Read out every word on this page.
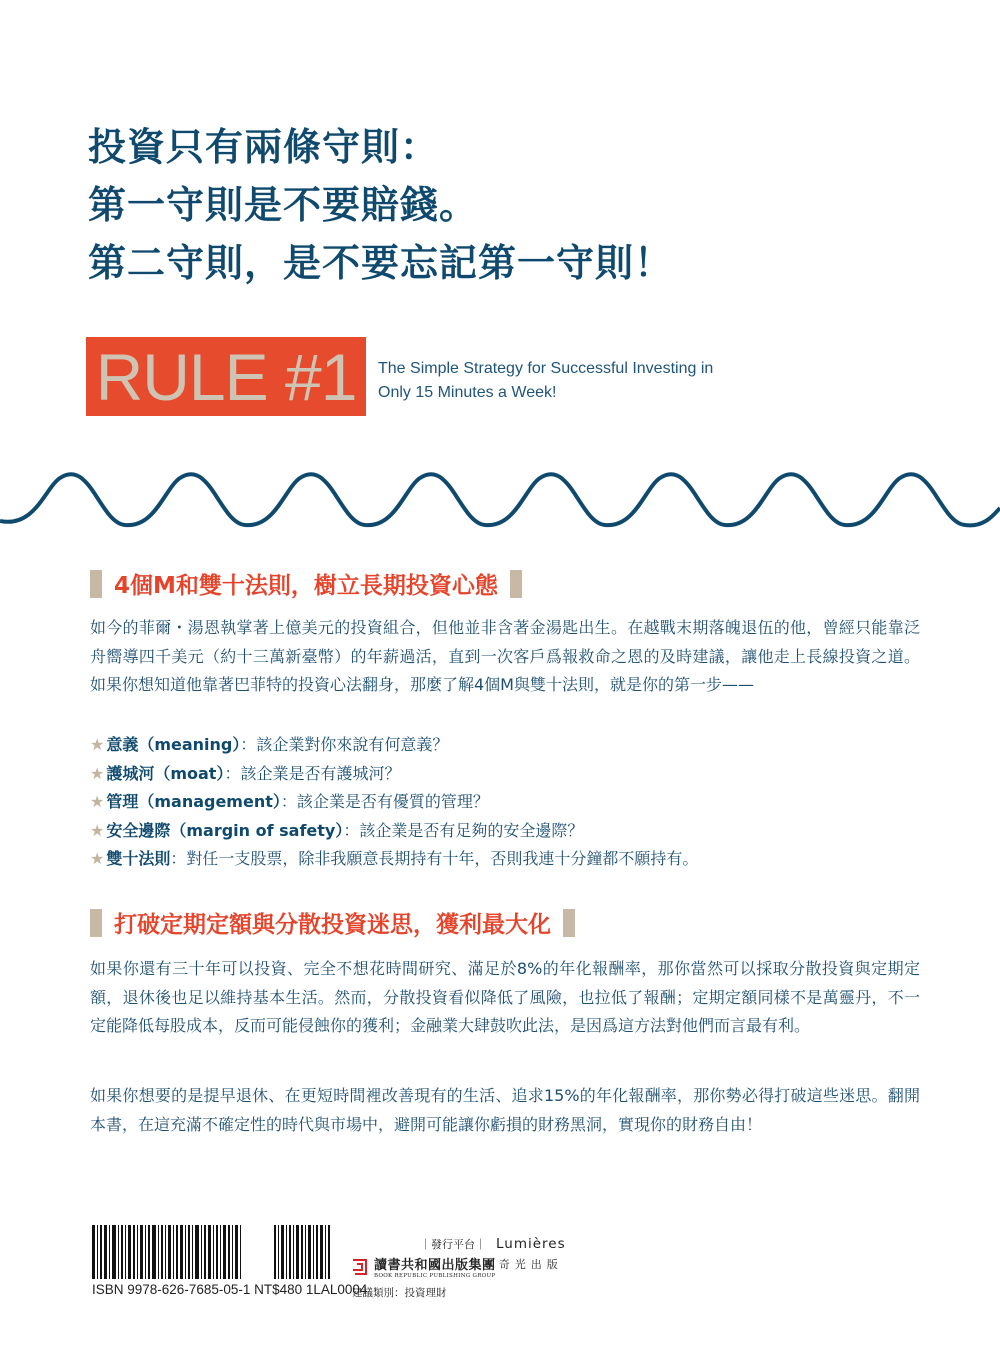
投資只有兩條守則：
第一守則是不要賠錢。
第二守則，是不要忘記第一守則！
RULE #1 The Simple Strategy for Successful Investing in
Only 15 Minutes a Week!
4個M和雙十法則，樹立長期投資心態

如今的菲爾・湯恩執掌著上億美元的投資組合，但他並非含著金湯匙出生。在越戰末期落魄退伍的他，曾經只能靠泛舟嚮導四千美元（約十三萬新臺幣）的年薪過活，直到一次客戶爲報救命之恩的及時建議，讓他走上長線投資之道。如果你想知道他靠著巴菲特的投資心法翻身，那麼了解4個M與雙十法則，就是你的第一步——

★ 意義（meaning）：該企業對你來說有何意義？
★ 護城河（moat）：該企業是否有護城河？
★ 管理（management）：該企業是否有優質的管理？
★ 安全邊際（margin of safety）：該企業是否有足夠的安全邊際？
★ 雙十法則：對任一支股票，除非我願意長期持有十年，否則我連十分鐘都不願持有。
打破定期定額與分散投資迷思，獲利最大化

如果你還有三十年可以投資、完全不想花時間研究、滿足於8%的年化報酬率，那你當然可以採取分散投資與定期定額，退休後也足以維持基本生活。然而，分散投資看似降低了風險，也拉低了報酬；定期定額同樣不是萬靈丹，不一定能降低每股成本，反而可能侵蝕你的獲利；金融業大肆鼓吹此法，是因爲這方法對他們而言最有利。

如果你想要的是提早退休、在更短時間裡改善現有的生活、追求15%的年化報酬率，那你勢必得打破這些迷思。翻開本書，在這充滿不確定性的時代與市場中，避開可能讓你虧損的財務黑洞，實現你的財務自由！

ISBN 9978-626-7685-05-1 NT$480 1LAL0004
｜發行平台｜
讀書共和國出版集團
BOOK REPUBLIC PUBLISHING GROUP
建議類別：投資理財
Lumières
奇光出版
